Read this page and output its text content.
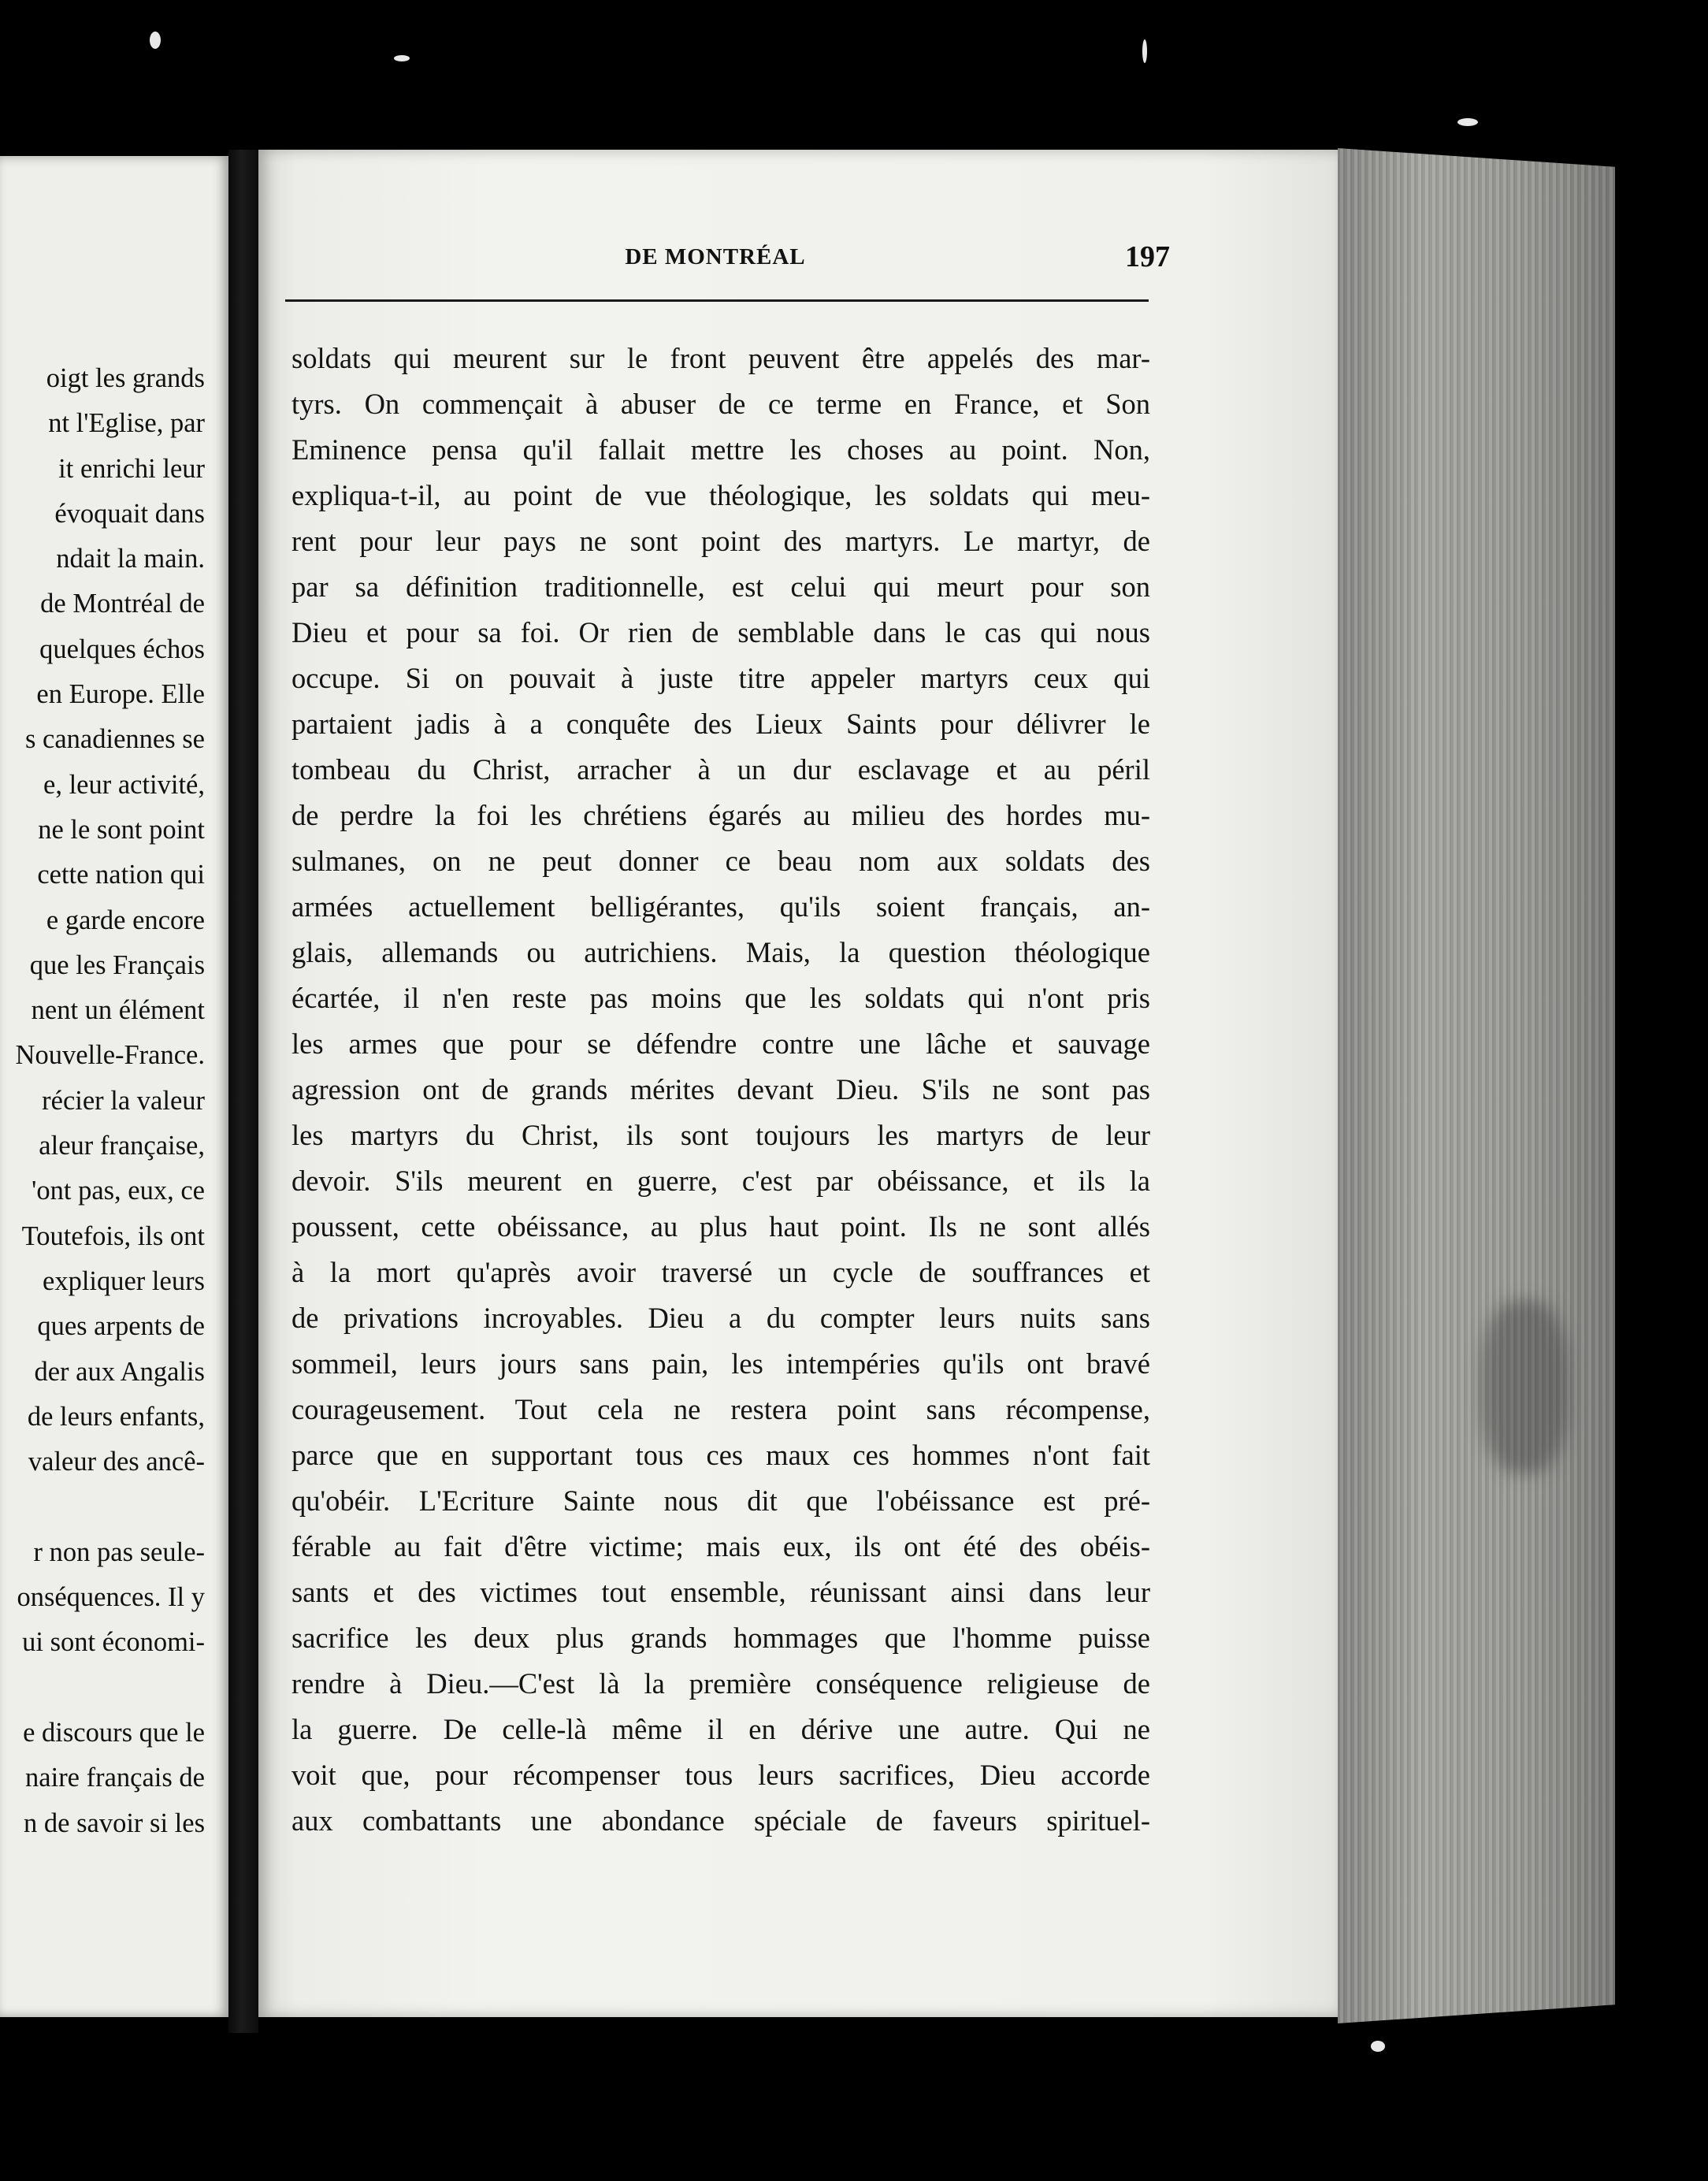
oigt les grands
nt l'Eglise, par
it enrichi leur
évoquait dans
ndait la main.
de Montréal de
quelques échos
en Europe. Elle
s canadiennes se
e, leur activité,
ne le sont point
cette nation qui
e garde encore
que les Français
nent un élément
Nouvelle-France.
récier la valeur
aleur française,
'ont pas, eux, ce
Toutefois, ils ont
expliquer leurs
ques arpents de
der aux Angalis
de leurs enfants,
valeur des ancê-
r non pas seule-
onséquences. Il y
ui sont économi-
e discours que le
naire français de
n de savoir si les
DE MONTRÉAL	197
soldats qui meurent sur le front peuvent être appelés des mar-
tyrs. On commençait à abuser de ce terme en France, et Son
Eminence pensa qu'il fallait mettre les choses au point. Non,
expliqua-t-il, au point de vue théologique, les soldats qui meu-
rent pour leur pays ne sont point des martyrs. Le martyr, de
par sa définition traditionnelle, est celui qui meurt pour son
Dieu et pour sa foi. Or rien de semblable dans le cas qui nous
occupe. Si on pouvait à juste titre appeler martyrs ceux qui
partaient jadis à a conquête des Lieux Saints pour délivrer le
tombeau du Christ, arracher à un dur esclavage et au péril
de perdre la foi les chrétiens égarés au milieu des hordes mu-
sulmanes, on ne peut donner ce beau nom aux soldats des
armées actuellement belligérantes, qu'ils soient français, an-
glais, allemands ou autrichiens. Mais, la question théologique
écartée, il n'en reste pas moins que les soldats qui n'ont pris
les armes que pour se défendre contre une lâche et sauvage
agression ont de grands mérites devant Dieu. S'ils ne sont pas
les martyrs du Christ, ils sont toujours les martyrs de leur
devoir. S'ils meurent en guerre, c'est par obéissance, et ils la
poussent, cette obéissance, au plus haut point. Ils ne sont allés
à la mort qu'après avoir traversé un cycle de souffrances et
de privations incroyables. Dieu a du compter leurs nuits sans
sommeil, leurs jours sans pain, les intempéries qu'ils ont bravé
courageusement. Tout cela ne restera point sans récompense,
parce que en supportant tous ces maux ces hommes n'ont fait
qu'obéir. L'Ecriture Sainte nous dit que l'obéissance est pré-
férable au fait d'être victime; mais eux, ils ont été des obéis-
sants et des victimes tout ensemble, réunissant ainsi dans leur
sacrifice les deux plus grands hommages que l'homme puisse
rendre à Dieu.—C'est là la première conséquence religieuse de
la guerre. De celle-là même il en dérive une autre. Qui ne
voit que, pour récompenser tous leurs sacrifices, Dieu accorde
aux combattants une abondance spéciale de faveurs spirituel-
